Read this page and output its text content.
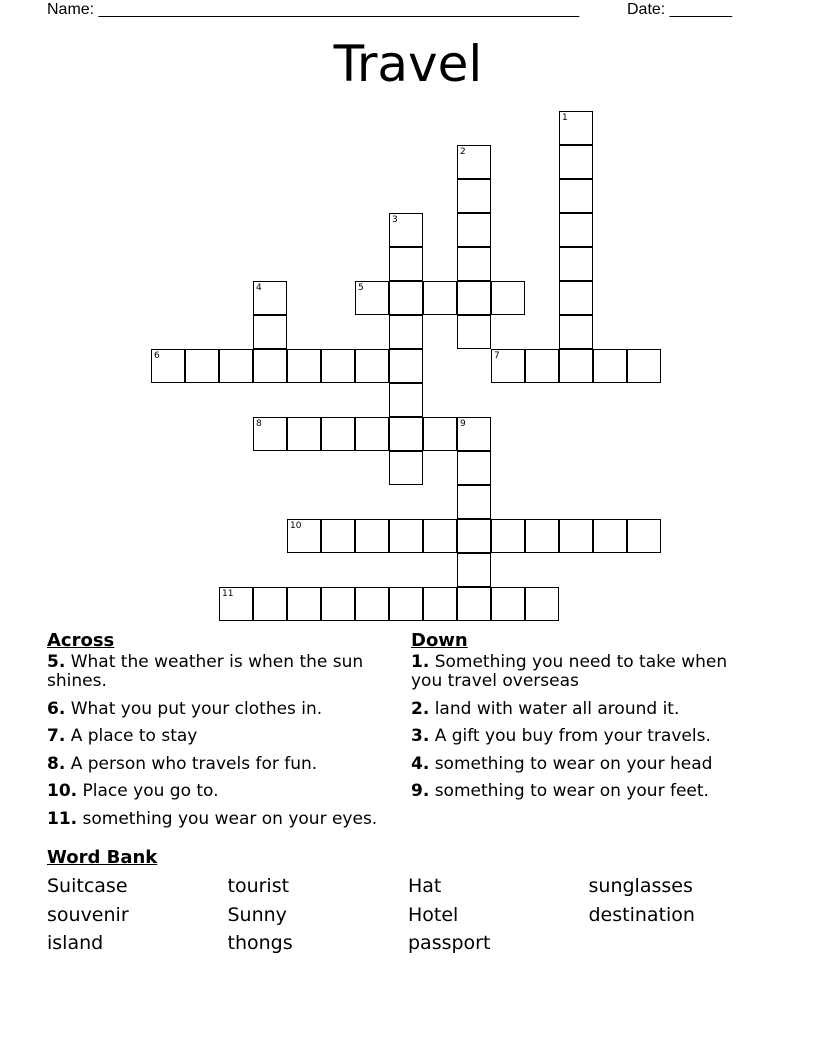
Name: ______________________________________________________	Date: _______
Travel
1
2
3
4	5
6	7
8	9
10
11
Across
5. What the weather is when the sun shines.
6. What you put your clothes in.
7. A place to stay
8. A person who travels for fun.
10. Place you go to.
11. something you wear on your eyes.
Down
1. Something you need to take when you travel overseas
2. land with water all around it.
3. A gift you buy from your travels.
4. something to wear on your head
9. something to wear on your feet.
Word Bank
Suitcase	tourist	Hat	sunglasses
souvenir	Sunny	Hotel	destination
island	thongs	passport
